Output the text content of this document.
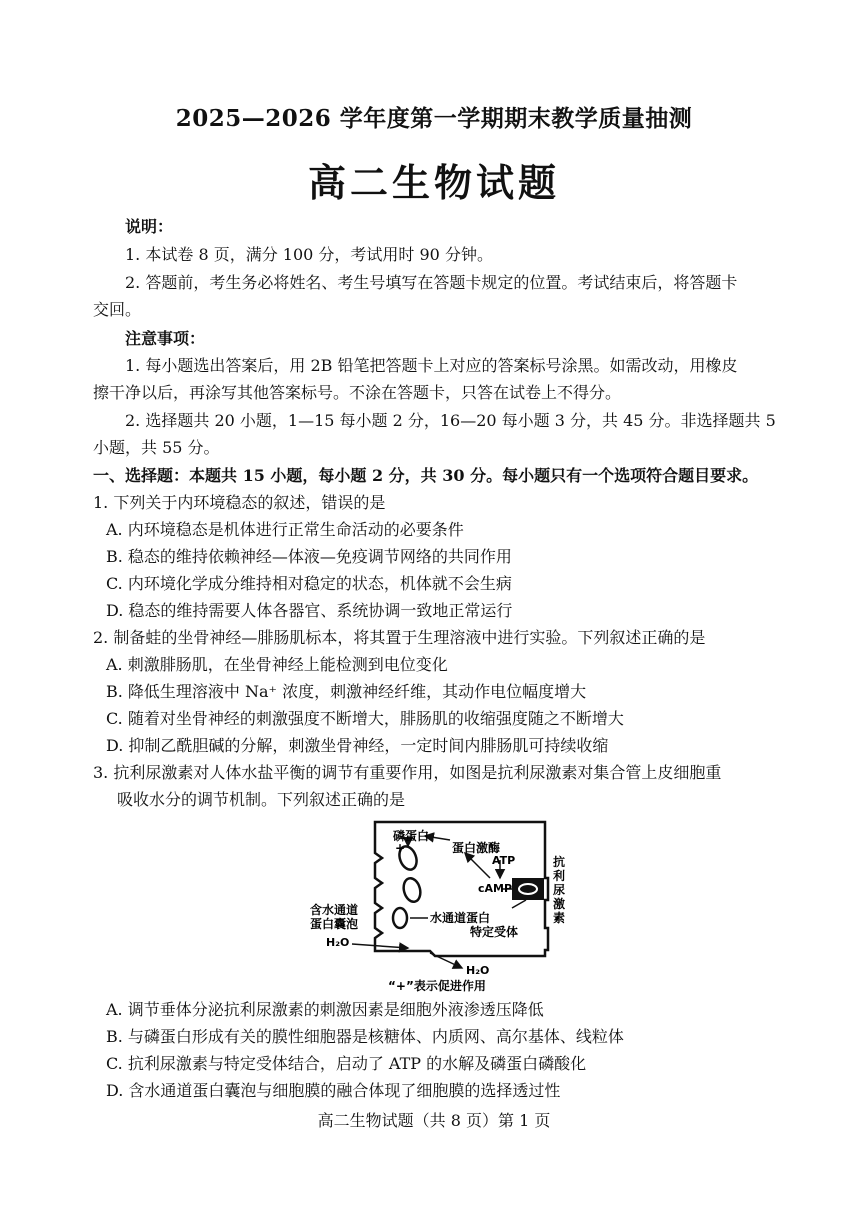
2025—2026 学年度第一学期期末教学质量抽测
高二生物试题
说明：
1. 本试卷 8 页，满分 100 分，考试用时 90 分钟。
2. 答题前，考生务必将姓名、考生号填写在答题卡规定的位置。考试结束后，将答题卡
交回。
注意事项：
1. 每小题选出答案后，用 2B 铅笔把答题卡上对应的答案标号涂黑。如需改动，用橡皮
擦干净以后，再涂写其他答案标号。不涂在答题卡，只答在试卷上不得分。
2. 选择题共 20 小题，1—15 每小题 2 分，16—20 每小题 3 分，共 45 分。非选择题共 5
小题，共 55 分。
一、选择题：本题共 15 小题，每小题 2 分，共 30 分。每小题只有一个选项符合题目要求。
1. 下列关于内环境稳态的叙述，错误的是
A. 内环境稳态是机体进行正常生命活动的必要条件
B. 稳态的维持依赖神经—体液—免疫调节网络的共同作用
C. 内环境化学成分维持相对稳定的状态，机体就不会生病
D. 稳态的维持需要人体各器官、系统协调一致地正常运行
2. 制备蛙的坐骨神经—腓肠肌标本，将其置于生理溶液中进行实验。下列叙述正确的是
A. 刺激腓肠肌，在坐骨神经上能检测到电位变化
B. 降低生理溶液中 Na⁺ 浓度，刺激神经纤维，其动作电位幅度增大
C. 随着对坐骨神经的刺激强度不断增大，腓肠肌的收缩强度随之不断增大
D. 抑制乙酰胆碱的分解，刺激坐骨神经，一定时间内腓肠肌可持续收缩
3. 抗利尿激素对人体水盐平衡的调节有重要作用，如图是抗利尿激素对集合管上皮细胞重
吸收水分的调节机制。下列叙述正确的是
磷蛋白
+	蛋白激酶
ATP
cAMP
抗
利
尿
激
素
含水通道
蛋白囊泡	水通道蛋白
特定受体
H₂O
H₂O
“+”表示促进作用
A. 调节垂体分泌抗利尿激素的刺激因素是细胞外液渗透压降低
B. 与磷蛋白形成有关的膜性细胞器是核糖体、内质网、高尔基体、线粒体
C. 抗利尿激素与特定受体结合，启动了 ATP 的水解及磷蛋白磷酸化
D. 含水通道蛋白囊泡与细胞膜的融合体现了细胞膜的选择透过性
高二生物试题（共 8 页）第 1 页
